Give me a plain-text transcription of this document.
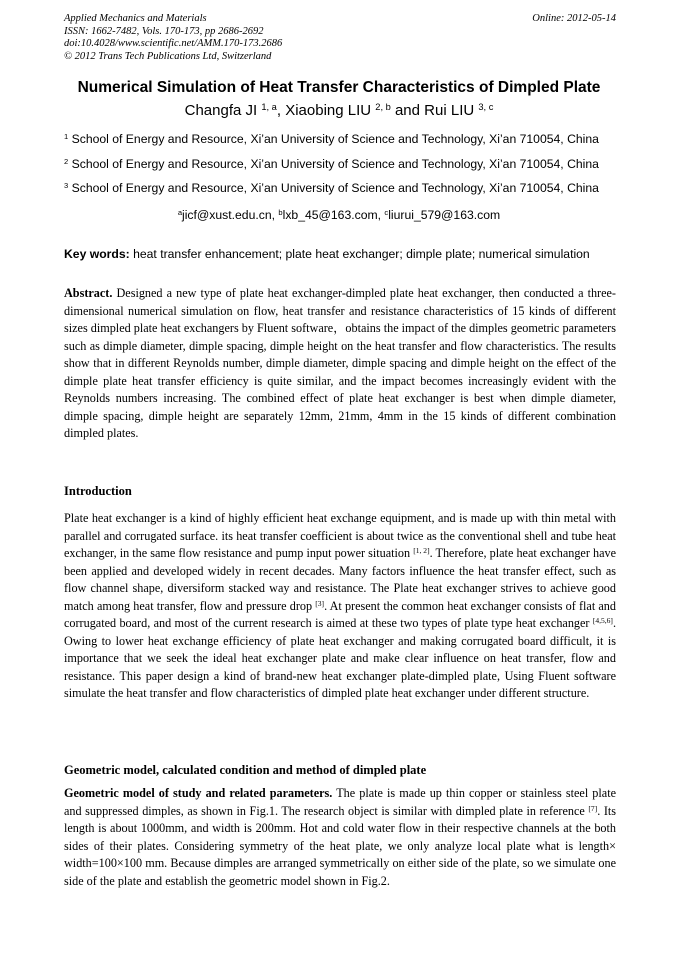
Applied Mechanics and Materials
ISSN: 1662-7482, Vols. 170-173, pp 2686-2692
doi:10.4028/www.scientific.net/AMM.170-173.2686
© 2012 Trans Tech Publications Ltd, Switzerland
Online: 2012-05-14
Numerical Simulation of Heat Transfer Characteristics of Dimpled Plate
Changfa JI $^{1, a}$, Xiaobing LIU $^{2, b}$ and Rui LIU $^{3, c}$
$^1$ School of Energy and Resource, Xi’an University of Science and Technology, Xi’an 710054, China
$^2$ School of Energy and Resource, Xi’an University of Science and Technology, Xi’an 710054, China
$^3$ School of Energy and Resource, Xi’an University of Science and Technology, Xi’an 710054, China
$^a$jicf@xust.edu.cn, $^b$lxb_45@163.com, $^c$liurui_579@163.com
Key words: heat transfer enhancement; plate heat exchanger; dimple plate; numerical simulation

Abstract. Designed a new type of plate heat exchanger-dimpled plate heat exchanger, then conducted a three-dimensional numerical simulation on flow, heat transfer and resistance characteristics of 15 kinds of different sizes dimpled plate heat exchangers by Fluent software，obtains the impact of the dimples geometric parameters such as dimple diameter, dimple spacing, dimple height on the heat transfer and flow characteristics. The results show that in different Reynolds number, dimple diameter, dimple spacing and dimple height on the effect of the dimple plate heat transfer efficiency is quite similar, and the impact becomes increasingly evident with the Reynolds numbers increasing. The combined effect of plate heat exchanger is best when dimple diameter, dimple spacing, dimple height are separately 12mm, 21mm, 4mm in the 15 kinds of different combination dimpled plates.

Introduction

Plate heat exchanger is a kind of highly efficient heat exchange equipment, and is made up with thin metal with parallel and corrugated surface. its heat transfer coefficient is about twice as the conventional shell and tube heat exchanger, in the same flow resistance and pump input power situation [1, 2]. Therefore, plate heat exchanger have been applied and developed widely in recent decades. Many factors influence the heat transfer effect, such as flow channel shape, diversiform stacked way and resistance. The Plate heat exchanger strives to achieve good match among heat transfer, flow and pressure drop [3]. At present the common heat exchanger consists of flat and corrugated board, and most of the current research is aimed at these two types of plate type heat exchanger [4,5,6]. Owing to lower heat exchange efficiency of plate heat exchanger and making corrugated board difficult, it is importance that we seek the ideal heat exchanger plate and make clear influence on heat transfer, flow and resistance. This paper design a kind of brand-new heat exchanger plate-dimpled plate, Using Fluent software simulate the heat transfer and flow characteristics of dimpled plate heat exchanger under different structure.

Geometric model, calculated condition and method of dimpled plate

Geometric model of study and related parameters. The plate is made up thin copper or stainless steel plate and suppressed dimples, as shown in Fig.1. The research object is similar with dimpled plate in reference [7]. Its length is about 1000mm, and width is 200mm. Hot and cold water flow in their respective channels at the both sides of their plates. Considering symmetry of the heat plate, we only analyze local plate what is length× width=100×100 mm. Because dimples are arranged symmetrically on either side of the plate, so we simulate one side of the plate and establish the geometric model shown in Fig.2.
